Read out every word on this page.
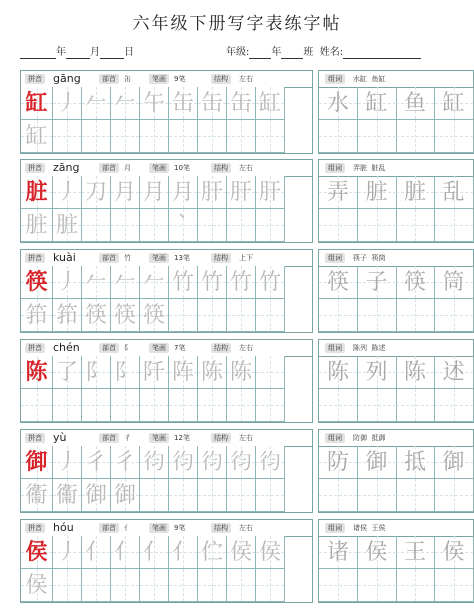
六年级下册写字表练字帖
年 月 日	年级: 年 班 姓名:
拼音 gāng	部首	缶	笔画	9笔	结构	左右
缸 丿 𠂉 𠂉 午 缶 缶 缶 缸
缸
组词	水缸  鱼缸
水 缸 鱼 缸
拼音 zāng	部首	月	笔画	10笔	结构	左右
脏 丿 刀 月 月 月`
肝 肝 肝
脏 脏
组词	弄脏  脏乱
弄 脏 脏 乱
拼音 kuài	部首	竹	笔画	13笔	结构	上下
筷 丿 𠂉 𠂉 𠂉 竹 竹 竹 竹
筘 筘 筷 筷 筷
组词	筷子  筷筒
筷 子 筷 筒
拼音 chén	部首	阝	笔画	7笔	结构	左右
陈 了 阝 阝 阡 阵 陈 陈
组词	陈列  陈述
陈 列 陈 述
拼音 yù	部首	彳	笔画	12笔	结构	左右
御 丿 彳 彳 𢓈 𢓈 𢓈 𢓈 𢓈
䘙 䘙 御 御
组词	防御  抵御
防 御 抵 御
拼音 hóu	部首	亻	笔画	9笔	结构	左右
侯 丿 亻 亻 亻 亻 伫 侯 侯
侯
组词	诸侯  王侯
诸 侯 王 侯
